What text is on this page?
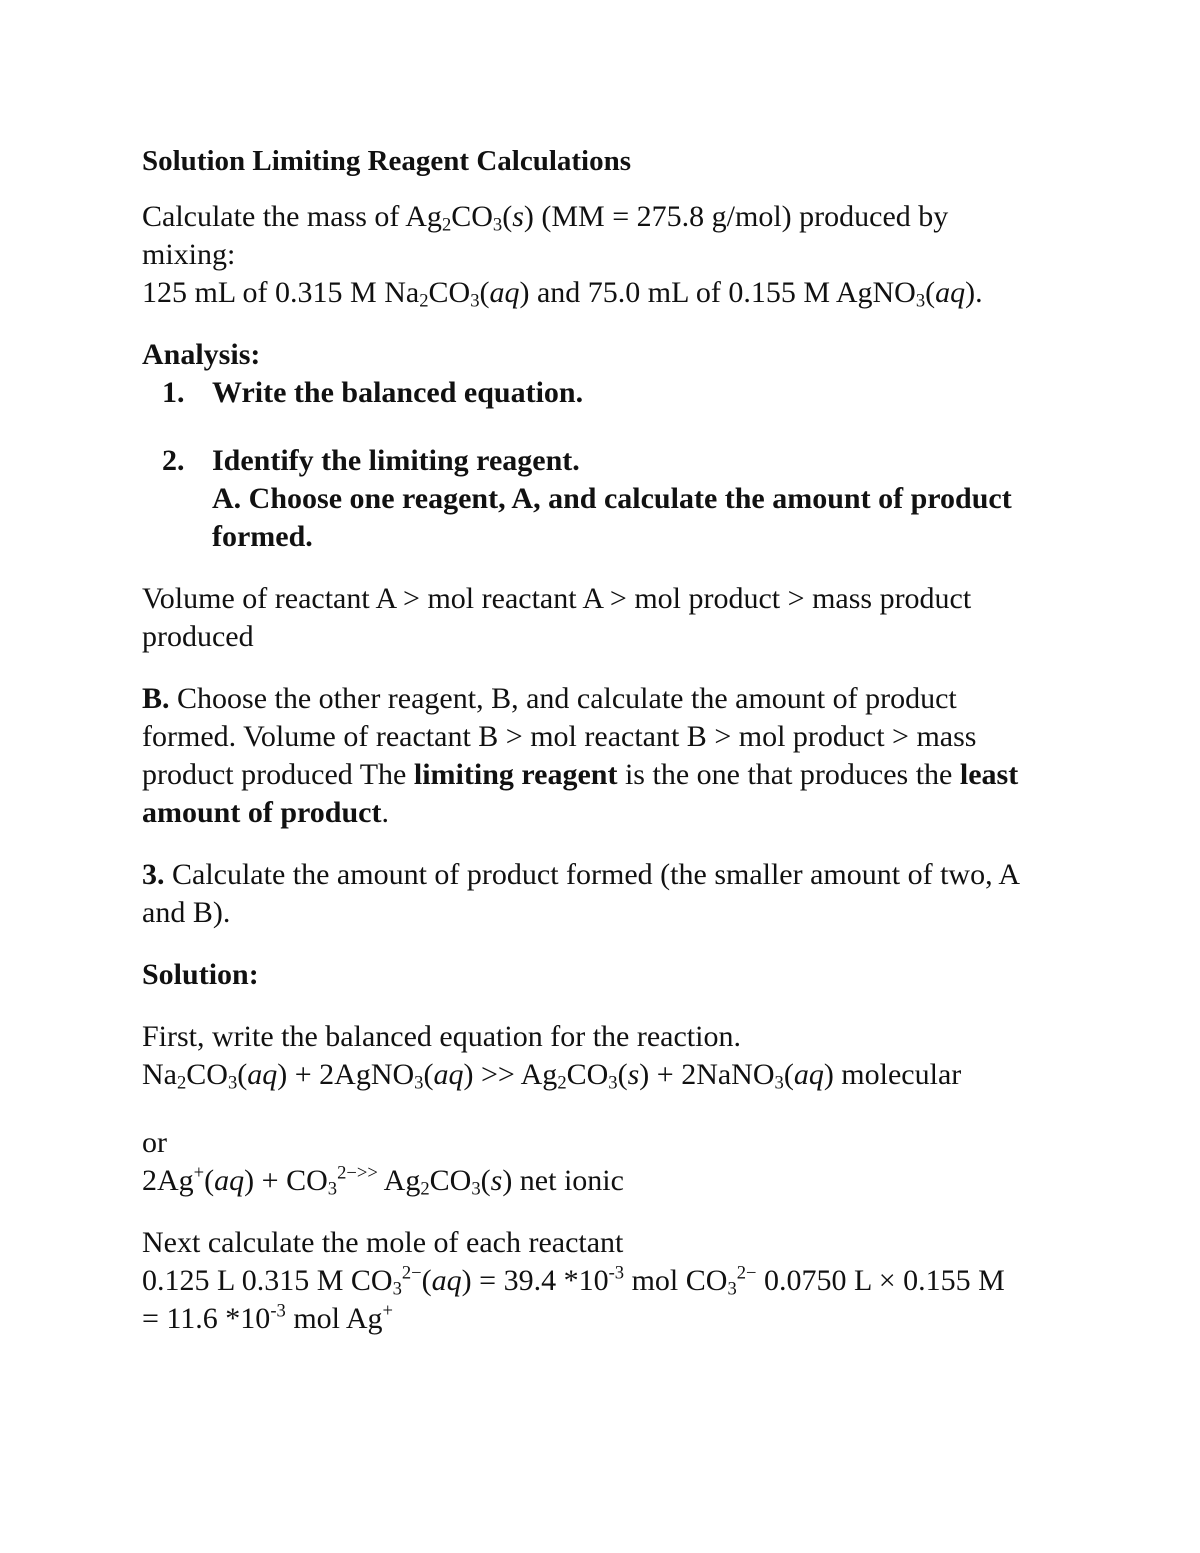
Solution Limiting Reagent Calculations

Calculate the mass of $Ag_2CO_3(s) (MM = 275.8$ g/mol) produced by

mixing:

125 mL of 0.315 M $Na_2CO_3(aq)$ and 75.0 mL of 0.155 M AgNO$_3$(aq).

Analysis:

1. Write the balanced equation.
2. Identify the limiting reagent.
A. Choose one reagent, A, and calculate the amount of product
formed.

Volume of reactant A > mol reactant A > mol product > mass product
produced

B. Choose the other reagent, B, and calculate the amount of product
formed. Volume of reactant B > mol reactant B > mol product > mass
product produced The limiting reagent is the one that produces the least
amount of product.

3. Calculate the amount of product formed (the smaller amount of two, A
and B).

Solution:

First, write the balanced equation for the reaction.

$Na_2CO_3(aq)$ + 2AgNO$_3$(aq) >> $Ag_2CO_3(s)$ + 2NaNO$_3$(aq) molecular

or

$2Ag^+(aq) + CO_3^{2->>}$ $Ag_2CO_3(s)$ net ionic

Next calculate the mole of each reactant

0.125 L 0.315 M $CO_3^{2-}(aq) = 39.4$ $*10^{-3}$ mol $CO_3^{2-}$ 0.0750 L × 0.155 M

= 11.6 $*10^{-3}$ mol Ag+
